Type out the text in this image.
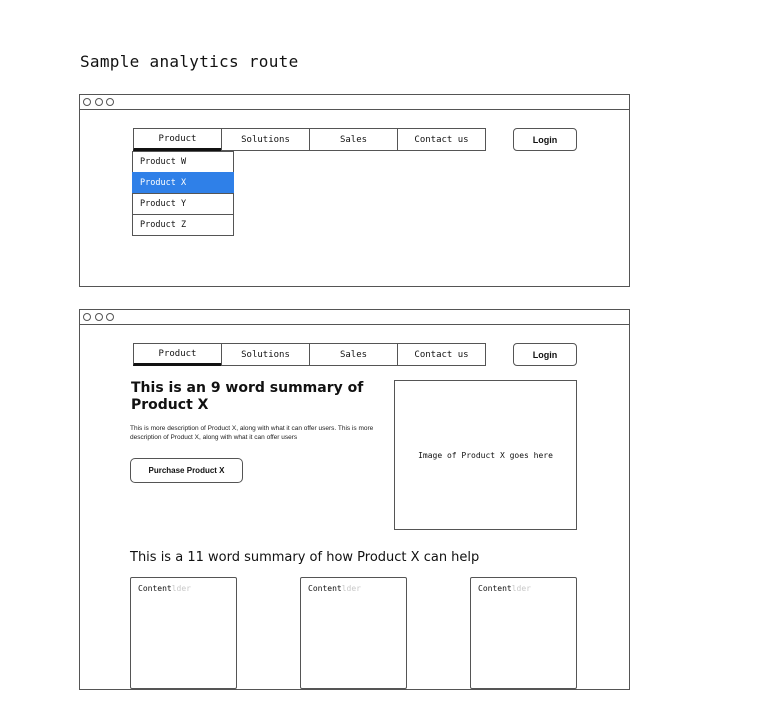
Sample analytics route
Product	Solutions	Sales	Contact us	Login
Product W
Product X
Product Y
Product Z
Product	Solutions	Sales	Contact us	Login
This is an 9 word summary of Product X
This is more description of Product X, along with what it can offer users. This is more description of Product X, along with what it can offer users
Purchase Product X
Image of Product X goes here
This is a 11 word summary of how Product X can help
Contentlder	Contentlder	Contentlder
